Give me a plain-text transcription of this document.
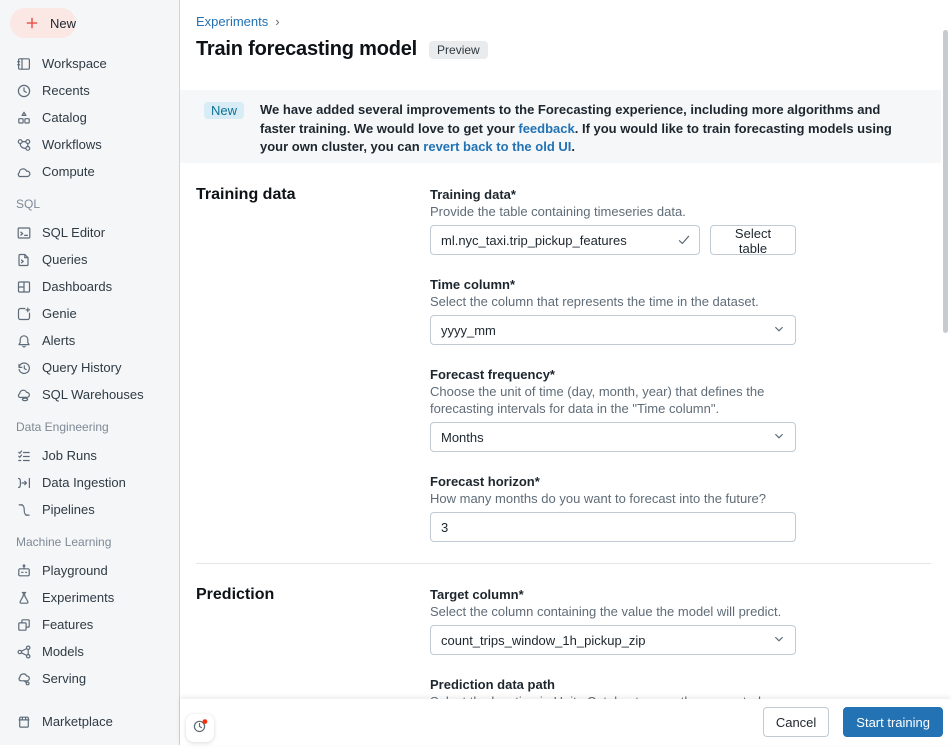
New
Workspace
Recents
Catalog
Workflows
Compute
SQL
SQL Editor
Queries
Dashboards
Genie
Alerts
Query History
SQL Warehouses
Data Engineering
Job Runs
Data Ingestion
Pipelines
Machine Learning
Playground
Experiments
Features
Models
Serving
Marketplace
Experiments ›
Train forecasting model	Preview
New	We have added several improvements to the Forecasting experience, including more algorithms and faster training. We would love to get your feedback. If you would like to train forecasting models using your own cluster, you can revert back to the old UI.
Training data	Training data*
Provide the table containing timeseries data.
ml.nyc_taxi.trip_pickup_features
Select table
Time column*
Select the column that represents the time in the dataset.
yyyy_mm
Forecast frequency*
Choose the unit of time (day, month, year) that defines the forecasting intervals for data in the "Time column".
Months
Forecast horizon*
How many months do you want to forecast into the future?
3
Prediction	Target column*
Select the column containing the value the model will predict.
count_trips_window_1h_pickup_zip
Prediction data path
Cancel	Start training
